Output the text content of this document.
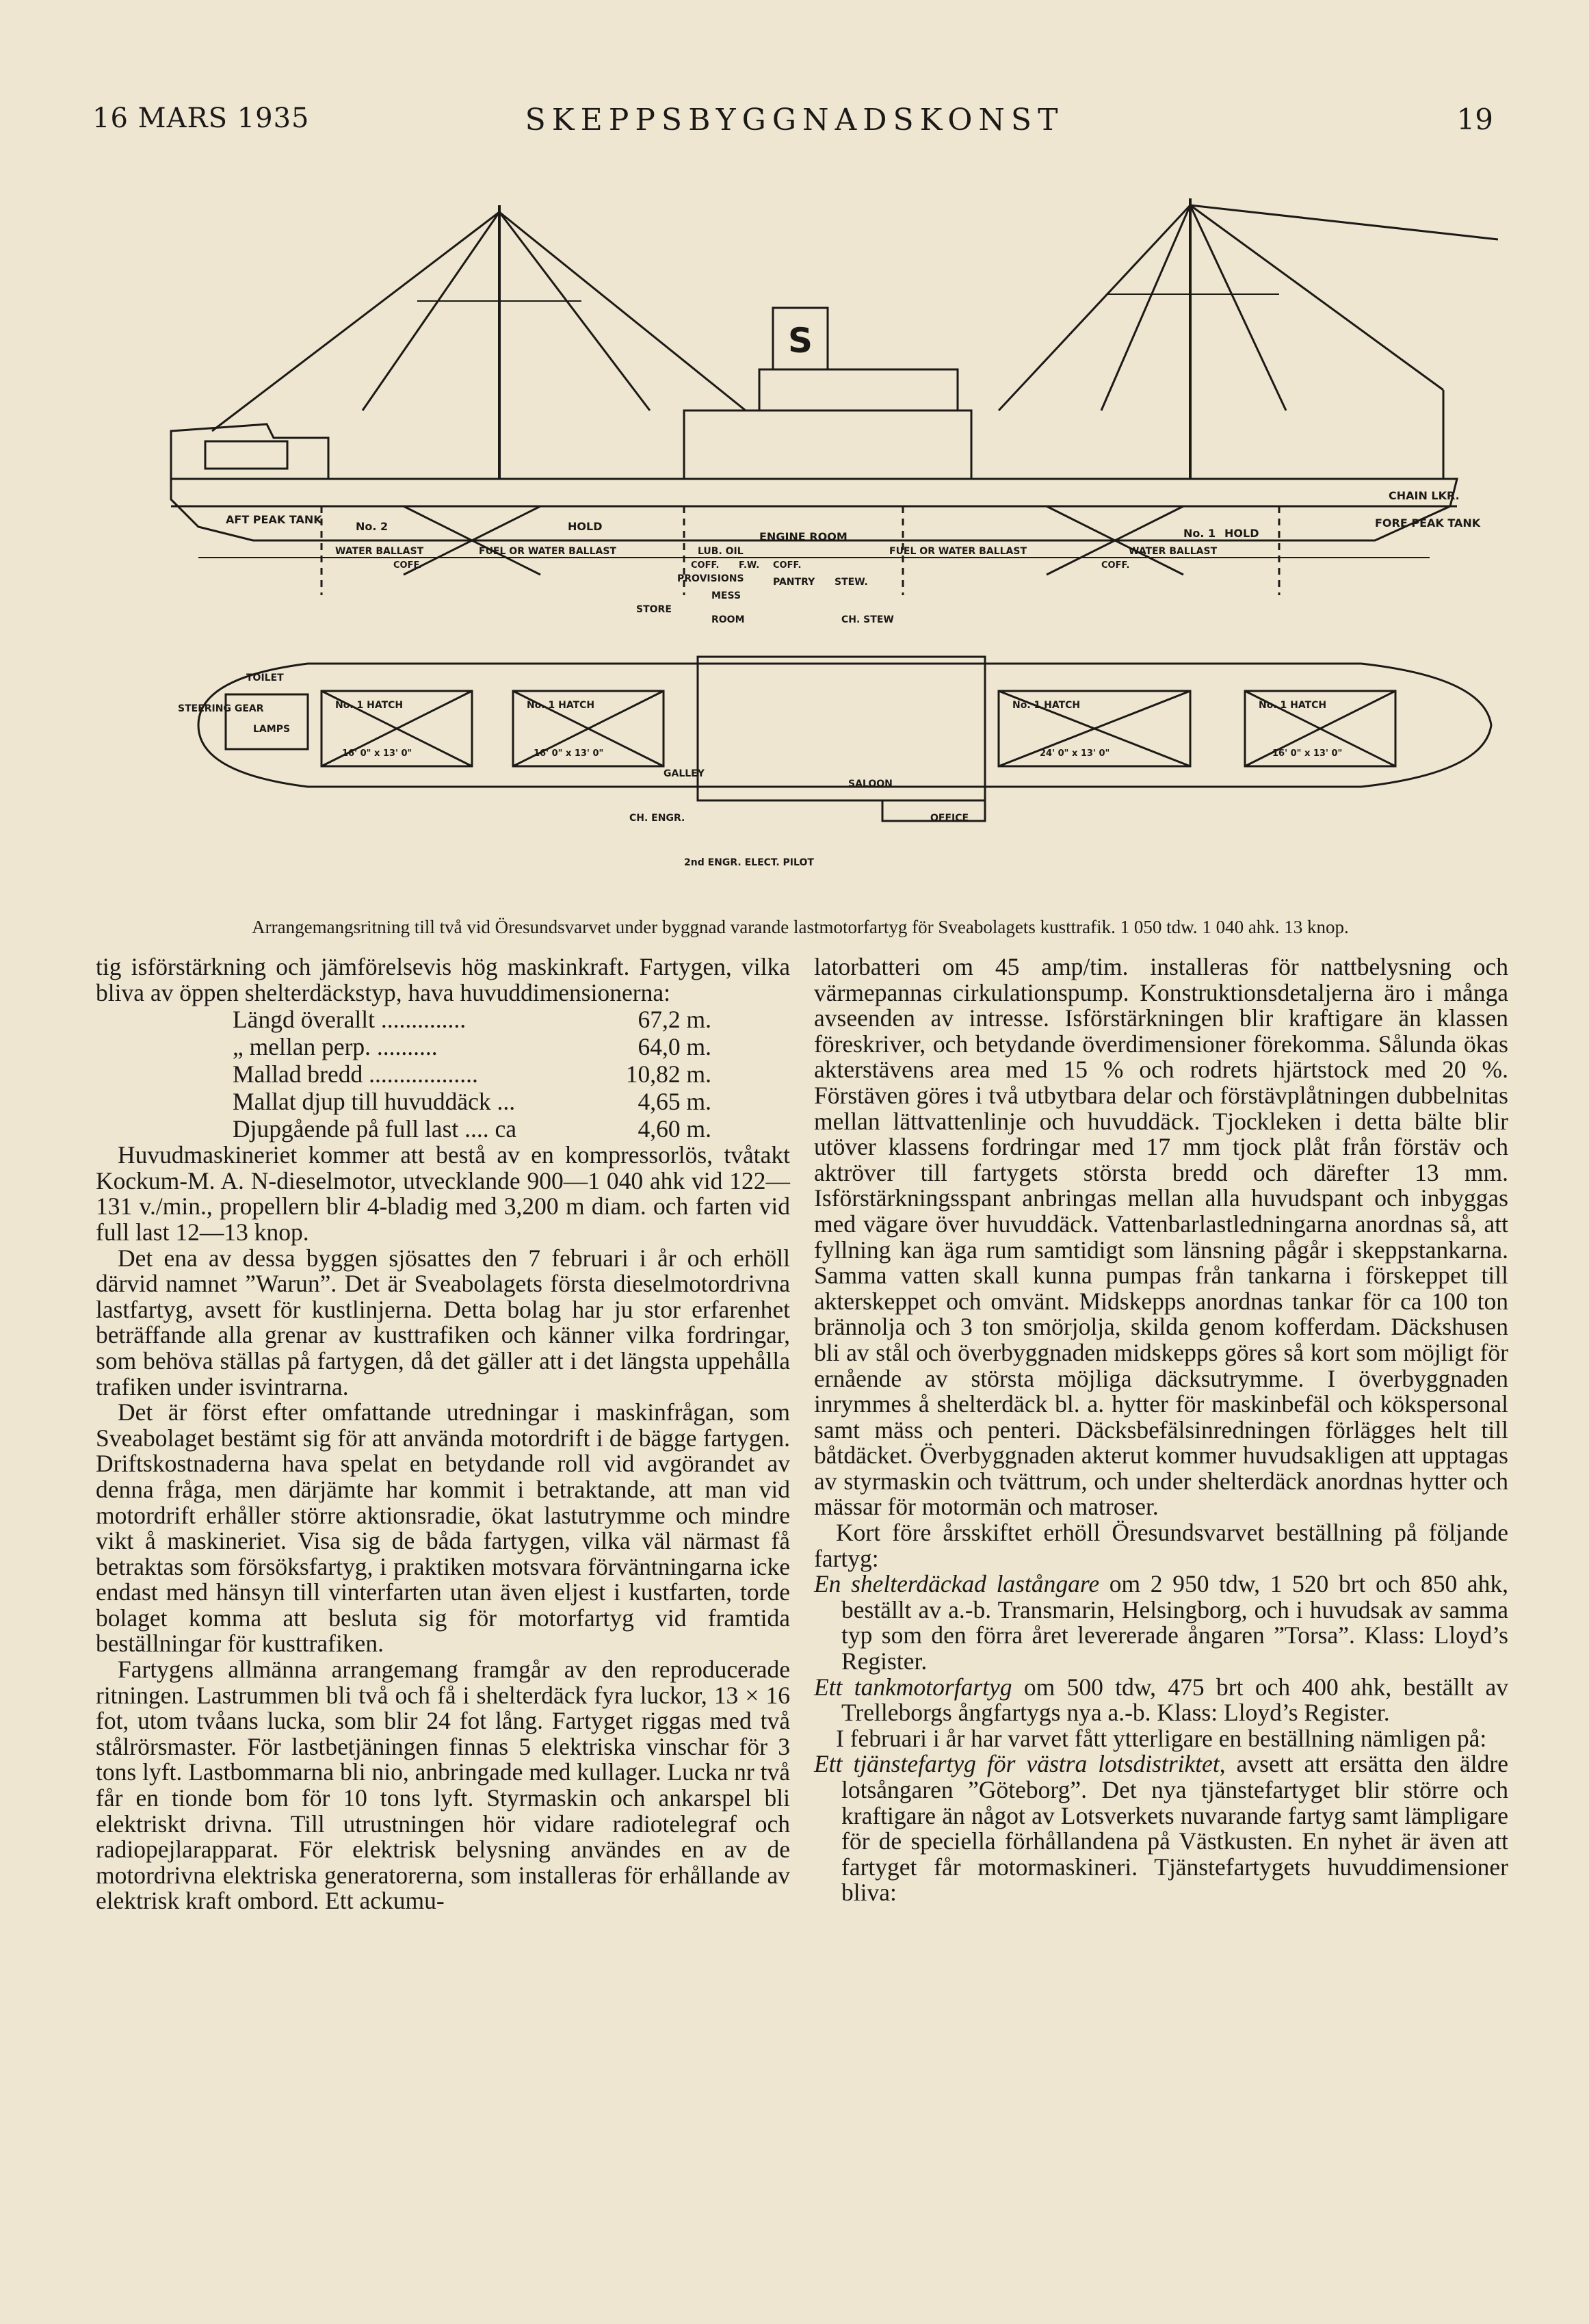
16 MARS 1935	SKEPPSBYGGNADSKONST	19
HOLD
HOLD
No. 2
No. 1
AFT PEAK TANK	FORE PEAK TANK
CHAIN LKR.
ENGINE ROOM
WATER BALLAST	FUEL OR WATER BALLAST	LUB. OIL	FUEL OR WATER BALLAST	WATER BALLAST
COFF.	COFF. F.W. COFF.	COFF.
PROVISIONS	PANTRY STEW.
STORE
MESS
ROOM	CH. STEW
TOILET
STEERING GEAR
LAMPS
No. 1 HATCH	No. 1 HATCH	No. 1 HATCH	No. 1 HATCH
16' 0" x 13' 0"	16' 0" x 13' 0"	24' 0" x 13' 0"	16' 0" x 13' 0"
GALLEY
SALOON
OFFICE
CH. ENGR.
2nd ENGR. ELECT. PILOT
S
Arrangemangsritning till två vid Öresundsvarvet under byggnad varande lastmotorfartyg för Sveabolagets kusttrafik. 1 050 tdw. 1 040 ahk. 13 knop.

tig isförstärkning och jämförelsevis hög maskinkraft. Fartygen, vilka bliva av öppen shelterdäckstyp, hava huvuddimensionerna:

Längd överallt ..............	67,2 m.
„ mellan perp. ..........	64,0 m.
Mallad bredd ..................	10,82 m.
Mallat djup till huvuddäck ...	4,65 m.
Djupgående på full last .... ca	4,60 m.

Huvudmaskineriet kommer att bestå av en kompressorlös, tvåtakt Kockum-M. A. N-dieselmotor, utvecklande 900—1 040 ahk vid 122—131 v./min., propellern blir 4-bladig med 3,200 m diam. och farten vid full last 12—13 knop.

Det ena av dessa byggen sjösattes den 7 februari i år och erhöll därvid namnet ”Warun”. Det är Sveabolagets första dieselmotordrivna lastfartyg, avsett för kustlinjerna. Detta bolag har ju stor erfarenhet beträffande alla grenar av kusttrafiken och känner vilka fordringar, som behöva ställas på fartygen, då det gäller att i det längsta uppehålla trafiken under isvintrarna.

Det är först efter omfattande utredningar i maskinfrågan, som Sveabolaget bestämt sig för att använda motordrift i de bägge fartygen. Driftskostnaderna hava spelat en betydande roll vid avgörandet av denna fråga, men därjämte har kommit i betraktande, att man vid motordrift erhåller större aktionsradie, ökat lastutrymme och mindre vikt å maskineriet. Visa sig de båda fartygen, vilka väl närmast få betraktas som försöksfartyg, i praktiken motsvara förväntningarna icke endast med hänsyn till vinterfarten utan även eljest i kustfarten, torde bolaget komma att besluta sig för motorfartyg vid framtida beställningar för kusttrafiken.

Fartygens allmänna arrangemang framgår av den reproducerade ritningen. Lastrummen bli två och få i shelterdäck fyra luckor, 13 × 16 fot, utom tvåans lucka, som blir 24 fot lång. Fartyget riggas med två stålrörsmaster. För lastbetjäningen finnas 5 elektriska vinschar för 3 tons lyft. Lastbommarna bli nio, anbringade med kullager. Lucka nr två får en tionde bom för 10 tons lyft. Styrmaskin och ankarspel bli elektriskt drivna. Till utrustningen hör vidare radiotelegraf och radiopejlarapparat. För elektrisk belysning användes en av de motordrivna elektriska generatorerna, som installeras för erhållande av elektrisk kraft ombord. Ett ackumu-

latorbatteri om 45 amp/tim. installeras för nattbelysning och värmepannas cirkulationspump. Konstruktionsdetaljerna äro i många avseenden av intresse. Isförstärkningen blir kraftigare än klassen föreskriver, och betydande överdimensioner förekomma. Sålunda ökas akterstävens area med 15 % och rodrets hjärtstock med 20 %. Förstäven göres i två utbytbara delar och förstävplåtningen dubbelnitas mellan lättvattenlinje och huvuddäck. Tjockleken i detta bälte blir utöver klassens fordringar med 17 mm tjock plåt från förstäv och aktröver till fartygets största bredd och därefter 13 mm. Isförstärkningsspant anbringas mellan alla huvudspant och inbyggas med vägare över huvuddäck. Vattenbarlastledningarna anordnas så, att fyllning kan äga rum samtidigt som länsning pågår i skeppstankarna. Samma vatten skall kunna pumpas från tankarna i förskeppet till akterskeppet och omvänt. Midskepps anordnas tankar för ca 100 ton brännolja och 3 ton smörjolja, skilda genom kofferdam. Däckshusen bli av stål och överbyggnaden midskepps göres så kort som möjligt för ernående av största möjliga däcksutrymme. I överbyggnaden inrymmes å shelterdäck bl. a. hytter för maskinbefäl och kökspersonal samt mäss och penteri. Däcksbefälsinredningen förlägges helt till båtdäcket. Överbyggnaden akterut kommer huvudsakligen att upptagas av styrmaskin och tvättrum, och under shelterdäck anordnas hytter och mässar för motormän och matroser.

Kort före årsskiftet erhöll Öresundsvarvet beställning på följande fartyg:

En shelterdäckad lastångare om 2 950 tdw, 1 520 brt och 850 ahk, beställt av a.-b. Transmarin, Helsingborg, och i huvudsak av samma typ som den förra året levererade ångaren ”Torsa”. Klass: Lloyd’s Register.

Ett tankmotorfartyg om 500 tdw, 475 brt och 400 ahk, beställt av Trelleborgs ångfartygs nya a.-b. Klass: Lloyd’s Register.

I februari i år har varvet fått ytterligare en beställning nämligen på:

Ett tjänstefartyg för västra lotsdistriktet, avsett att ersätta den äldre lotsångaren ”Göteborg”. Det nya tjänstefartyget blir större och kraftigare än något av Lotsverkets nuvarande fartyg samt lämpligare för de speciella förhållandena på Västkusten. En nyhet är även att fartyget får motormaskineri. Tjänstefartygets huvuddimensioner bliva:
